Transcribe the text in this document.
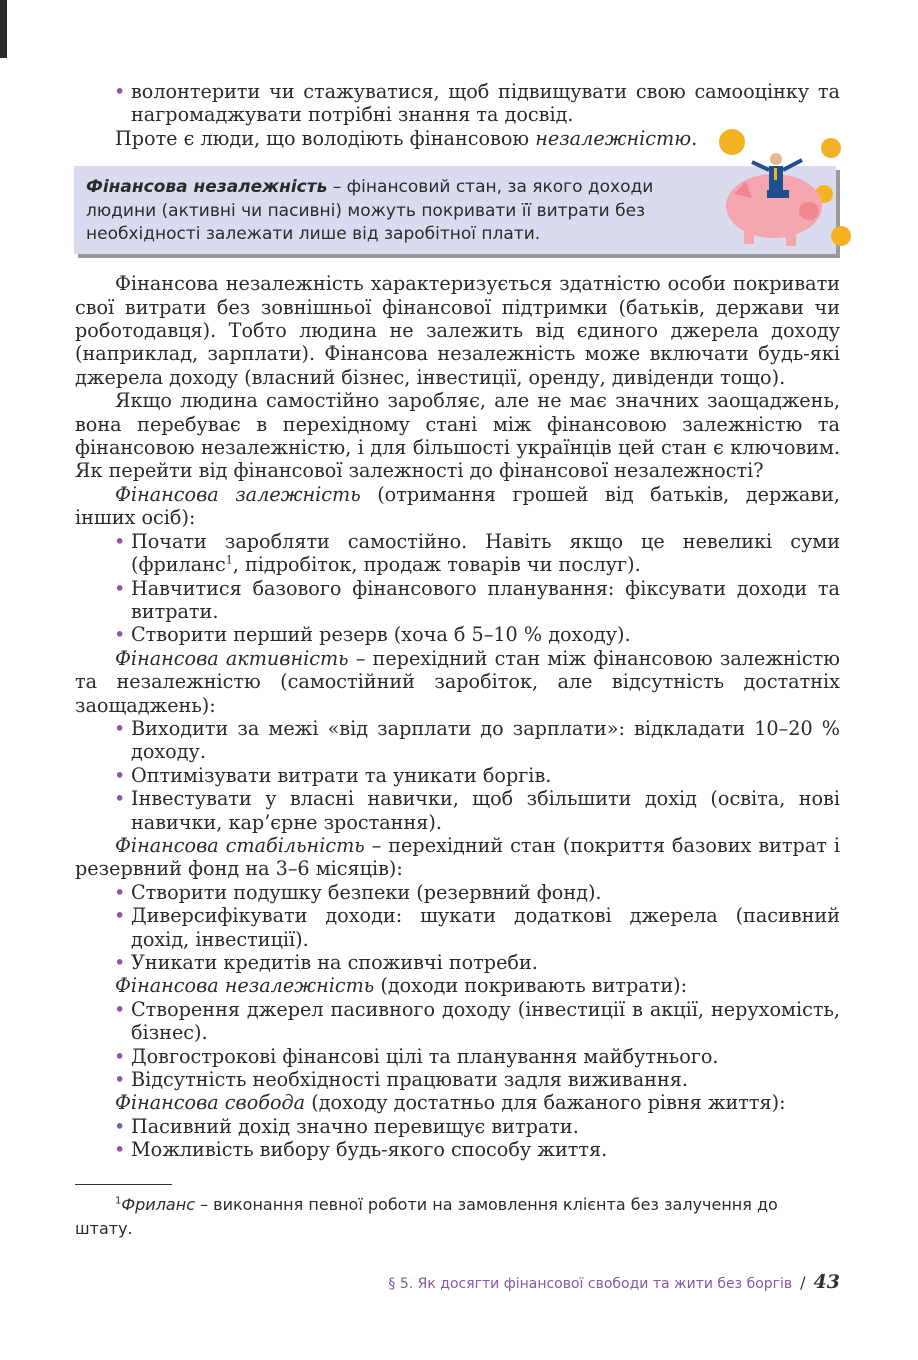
• волонтерити чи стажуватися, щоб підвищувати свою самооцінку та нагромаджувати потрібні знання та досвід.

Проте є люди, що володіють фінансовою незалежністю.

Фінансова незалежність – фінансовий стан, за якого доходи людини (активні чи пасивні) можуть покривати її витрати без необхідності залежати лише від заробітної плати.

Фінансова незалежність характеризується здатністю особи покривати свої витрати без зовнішньої фінансової підтримки (батьків, держави чи роботодавця). Тобто людина не залежить від єдиного джерела доходу (наприклад, зарплати). Фінансова незалежність може включати будь-які джерела доходу (власний бізнес, інвестиції, оренду, дивіденди тощо).

Якщо людина самостійно заробляє, але не має значних заощаджень, вона перебуває в перехідному стані між фінансовою залежністю та фінансовою незалежністю, і для більшості українців цей стан є ключовим. Як перейти від фінансової залежності до фінансової незалежності?

Фінансова залежність (отримання грошей від батьків, держави, інших осіб):

• Почати заробляти самостійно. Навіть якщо це невеликі суми (фриланс$^1$, підробіток, продаж товарів чи послуг).

• Навчитися базового фінансового планування: фіксувати доходи та витрати.

• Створити перший резерв (хоча б 5–10 % доходу).

Фінансова активність – перехідний стан між фінансовою залежністю та незалежністю (самостійний заробіток, але відсутність достатніх заощаджень):

• Виходити за межі «від зарплати до зарплати»: відкладати 10–20 % доходу.

• Оптимізувати витрати та уникати боргів.

• Інвестувати у власні навички, щоб збільшити дохід (освіта, нові навички, кар’єрне зростання).

Фінансова стабільність – перехідний стан (покриття базових витрат і резервний фонд на 3–6 місяців):

• Створити подушку безпеки (резервний фонд).

• Диверсифікувати доходи: шукати додаткові джерела (пасивний дохід, інвестиції).

• Уникати кредитів на споживчі потреби.

Фінансова незалежність (доходи покривають витрати):

• Створення джерел пасивного доходу (інвестиції в акції, нерухомість, бізнес).

• Довгострокові фінансові цілі та планування майбутнього.

• Відсутність необхідності працювати задля виживання.

Фінансова свобода (доходу достатньо для бажаного рівня життя):

• Пасивний дохід значно перевищує витрати.

• Можливість вибору будь-якого способу життя.

$^1$Фриланс – виконання певної роботи на замовлення клієнта без залучення до штату.

§ 5. Як досягти фінансової свободи та жити без боргів / 43
